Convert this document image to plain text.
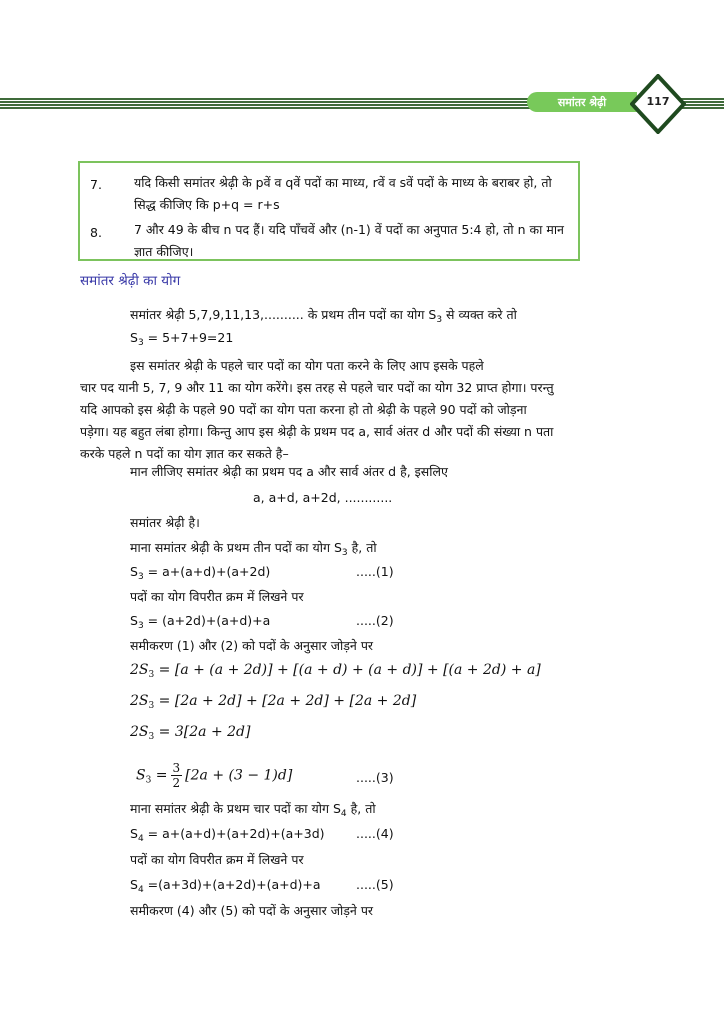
समांतर श्रेढ़ी	117
7.	यदि किसी समांतर श्रेढ़ी के pवें व qवें पदों का माध्य, rवें व sवें पदों के माध्य के बराबर हो, तो सिद्ध कीजिए कि p+q = r+s
8.	7 और 49 के बीच n पद हैं। यदि पाँचवें और (n-1) वें पदों का अनुपात 5:4 हो, तो n का मान ज्ञात कीजिए।
समांतर श्रेढ़ी का योग
समांतर श्रेढ़ी 5,7,9,11,13,.......... के प्रथम तीन पदों का योग $S_3$ से व्यक्त करे तो
$S_3 = 5+7+9=21$
इस समांतर श्रेढ़ी के पहले चार पदों का योग पता करने के लिए आप इसके पहले
चार पद यानी 5, 7, 9 और 11 का योग करेंगे। इस तरह से पहले चार पदों का योग 32 प्राप्त होगा। परन्तु यदि आपको इस श्रेढ़ी के पहले 90 पदों का योग पता करना हो तो श्रेढ़ी के पहले 90 पदों को जोड़ना पड़ेगा। यह बहुत लंबा होगा। किन्तु आप इस श्रेढ़ी के प्रथम पद a, सार्व अंतर d और पदों की संख्या n पता करके पहले n पदों का योग ज्ञात कर सकते है–
मान लीजिए समांतर श्रेढ़ी का प्रथम पद a और सार्व अंतर d है, इसलिए
a, a+d, a+2d, ............
समांतर श्रेढ़ी है।
माना समांतर श्रेढ़ी के प्रथम तीन पदों का योग $S_3$ है, तो
$S_3 = a+(a+d)+(a+2d)$	.....(1)
पदों का योग विपरीत क्रम में लिखने पर
$S_3 = (a+2d)+(a+d)+a$	.....(2)
समीकरण (1) और (2) को पदों के अनुसार जोड़ने पर
$2S_3 = [a + (a + 2d)] + [(a + d) + (a + d)] + [(a + 2d) + a]$
$2S_3 = [2a + 2d] + [2a + 2d] + [2a + 2d]$
$2S_3 = 3[2a + 2d]$
$S_3 = \frac{3}{2} [2a + (3 - 1)d]$	.....(3)
माना समांतर श्रेढ़ी के प्रथम चार पदों का योग $S_4$ है, तो
$S_4 = a+(a+d)+(a+2d)+(a+3d)$	.....(4)
पदों का योग विपरीत क्रम में लिखने पर
$S_4 =(a+3d)+(a+2d)+(a+d)+a$	.....(5)
समीकरण (4) और (5) को पदों के अनुसार जोड़ने पर
